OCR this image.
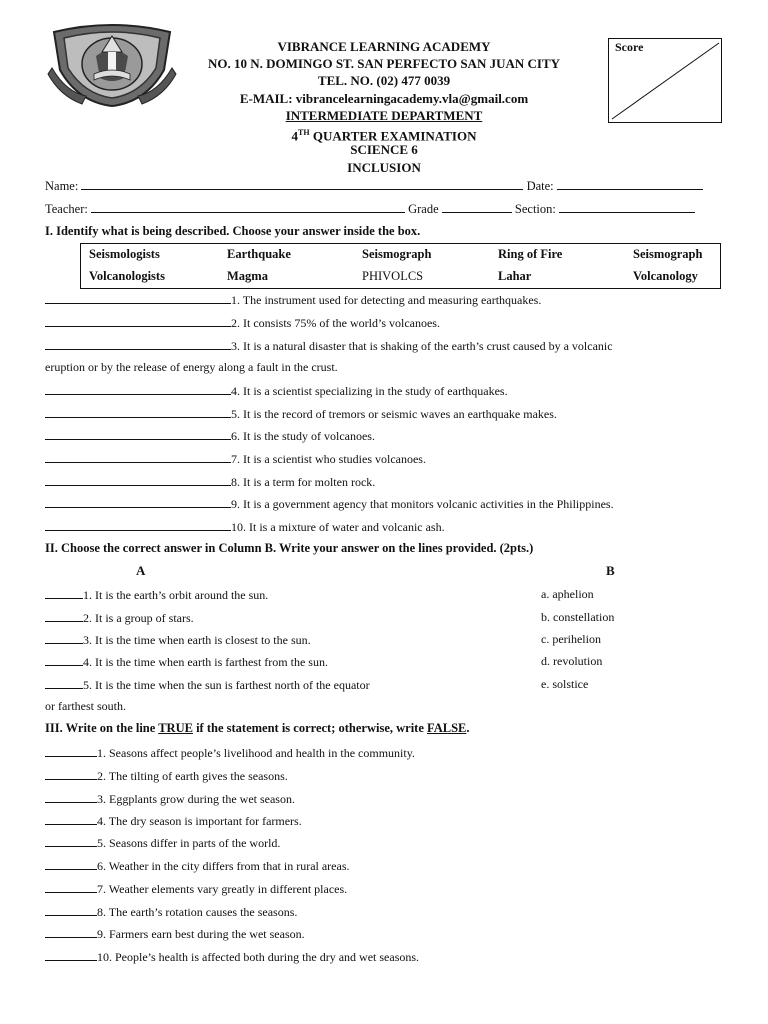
VIBRANCE LEARNING ACADEMY
NO. 10 N. DOMINGO ST. SAN PERFECTO SAN JUAN CITY
TEL. NO. (02) 477 0039
E-MAIL: vibrancelearningacademy.vla@gmail.com
INTERMEDIATE DEPARTMENT
4TH QUARTER EXAMINATION
SCIENCE 6
INCLUSION
Score
Name:	Date:
Teacher:	Grade	Section:
I. Identify what is being described. Choose your answer inside the box.
Seismologists	Earthquake	Seismograph	Ring of Fire	Seismograph
Volcanologists	Magma	PHIVOLCS	Lahar	Volcanology
1. The instrument used for detecting and measuring earthquakes.
2. It consists 75% of the world’s volcanoes.
3. It is a natural disaster that is shaking of the earth’s crust caused by a volcanic
eruption or by the release of energy along a fault in the crust.
4. It is a scientist specializing in the study of earthquakes.
5. It is the record of tremors or seismic waves an earthquake makes.
6. It is the study of volcanoes.
7. It is a scientist who studies volcanoes.
8. It is a term for molten rock.
9. It is a government agency that monitors volcanic activities in the Philippines.
10. It is a mixture of water and volcanic ash.
II. Choose the correct answer in Column B. Write your answer on the lines provided. (2pts.)
A	B
1. It is the earth’s orbit around the sun.
2. It is a group of stars.
3. It is the time when earth is closest to the sun.
4. It is the time when earth is farthest from the sun.
5. It is the time when the sun is farthest north of the equator
or farthest south.
a. aphelion
b. constellation
c. perihelion
d. revolution
e. solstice
III. Write on the line TRUE if the statement is correct; otherwise, write FALSE.
1. Seasons affect people’s livelihood and health in the community.
2. The tilting of earth gives the seasons.
3. Eggplants grow during the wet season.
4. The dry season is important for farmers.
5. Seasons differ in parts of the world.
6. Weather in the city differs from that in rural areas.
7. Weather elements vary greatly in different places.
8. The earth’s rotation causes the seasons.
9. Farmers earn best during the wet season.
10. People’s health is affected both during the dry and wet seasons.
